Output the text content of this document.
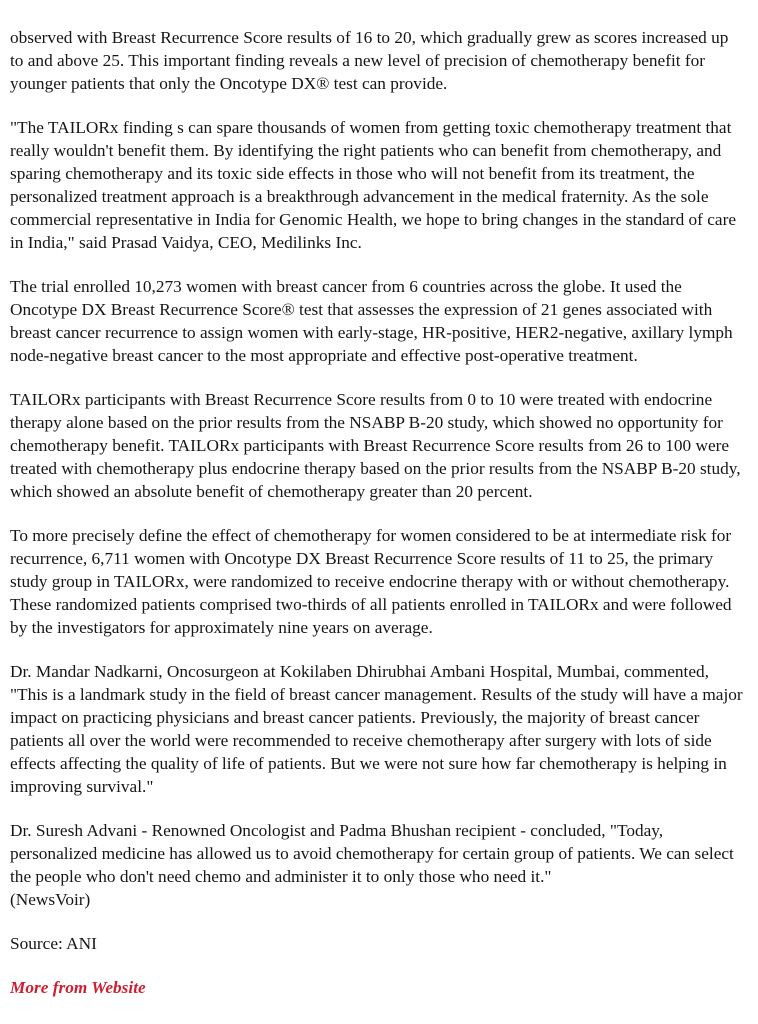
observed with Breast Recurrence Score results of 16 to 20, which gradually grew as scores increased up to and above 25. This important finding reveals a new level of precision of chemotherapy benefit for younger patients that only the Oncotype DX® test can provide.

"The TAILORx finding s can spare thousands of women from getting toxic chemotherapy treatment that really wouldn't benefit them. By identifying the right patients who can benefit from chemotherapy, and sparing chemotherapy and its toxic side effects in those who will not benefit from its treatment, the personalized treatment approach is a breakthrough advancement in the medical fraternity. As the sole commercial representative in India for Genomic Health, we hope to bring changes in the standard of care in India," said Prasad Vaidya, CEO, Medilinks Inc.

The trial enrolled 10,273 women with breast cancer from 6 countries across the globe. It used the Oncotype DX Breast Recurrence Score® test that assesses the expression of 21 genes associated with breast cancer recurrence to assign women with early-stage, HR-positive, HER2-negative, axillary lymph node-negative breast cancer to the most appropriate and effective post-operative treatment.

TAILORx participants with Breast Recurrence Score results from 0 to 10 were treated with endocrine therapy alone based on the prior results from the NSABP B-20 study, which showed no opportunity for chemotherapy benefit. TAILORx participants with Breast Recurrence Score results from 26 to 100 were treated with chemotherapy plus endocrine therapy based on the prior results from the NSABP B-20 study, which showed an absolute benefit of chemotherapy greater than 20 percent.

To more precisely define the effect of chemotherapy for women considered to be at intermediate risk for recurrence, 6,711 women with Oncotype DX Breast Recurrence Score results of 11 to 25, the primary study group in TAILORx, were randomized to receive endocrine therapy with or without chemotherapy. These randomized patients comprised two-thirds of all patients enrolled in TAILORx and were followed by the investigators for approximately nine years on average.

Dr. Mandar Nadkarni, Oncosurgeon at Kokilaben Dhirubhai Ambani Hospital, Mumbai, commented, "This is a landmark study in the field of breast cancer management. Results of the study will have a major impact on practicing physicians and breast cancer patients. Previously, the majority of breast cancer patients all over the world were recommended to receive chemotherapy after surgery with lots of side effects affecting the quality of life of patients. But we were not sure how far chemotherapy is helping in improving survival."

Dr. Suresh Advani - Renowned Oncologist and Padma Bhushan recipient - concluded, "Today, personalized medicine has allowed us to avoid chemotherapy for certain group of patients. We can select the people who don't need chemo and administer it to only those who need it."
(NewsVoir)

Source: ANI

More from Website
